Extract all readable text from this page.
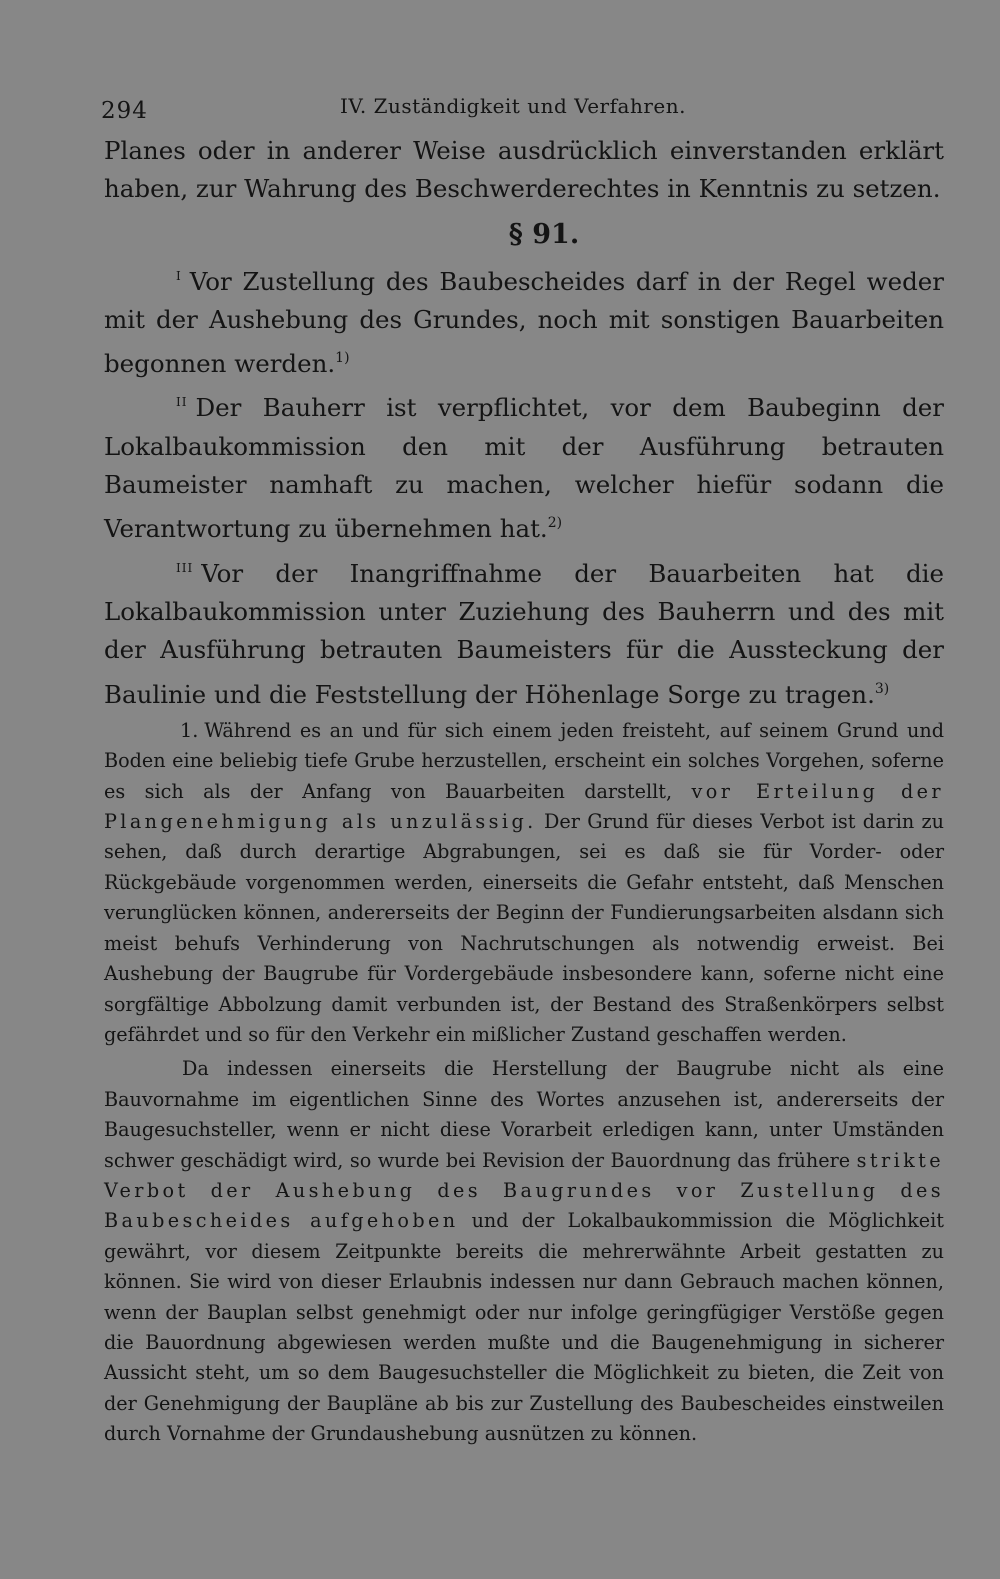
294	IV. Zuständigkeit und Verfahren.

Planes oder in anderer Weise ausdrücklich einverstanden erklärt haben, zur Wahrung des Beschwerderechtes in Kenntnis zu setzen.

§ 91.

$^I$ Vor Zustellung des Baubescheides darf in der Regel weder mit der Aushebung des Grundes, noch mit sonstigen Bauarbeiten begonnen werden.$^{1)}$

$^{II}$ Der Bauherr ist verpflichtet, vor dem Baubeginn der Lokalbaukommission den mit der Ausführung betrauten Baumeister namhaft zu machen, welcher hiefür sodann die Verantwortung zu übernehmen hat.$^{2)}$

$^{III}$ Vor der Inangriffnahme der Bauarbeiten hat die Lokalbaukommission unter Zuziehung des Bauherrn und des mit der Ausführung betrauten Baumeisters für die Aussteckung der Baulinie und die Feststellung der Höhenlage Sorge zu tragen.$^{3)}$

1. Während es an und für sich einem jeden freisteht, auf seinem Grund und Boden eine beliebig tiefe Grube herzustellen, erscheint ein solches Vorgehen, soferne es sich als der Anfang von Bauarbeiten darstellt, vor Erteilung der Plangenehmigung als unzulässig. Der Grund für dieses Verbot ist darin zu sehen, daß durch derartige Abgrabungen, sei es daß sie für Vorder- oder Rückgebäude vorgenommen werden, einerseits die Gefahr entsteht, daß Menschen verunglücken können, andererseits der Beginn der Fundierungsarbeiten alsdann sich meist behufs Verhinderung von Nachrutschungen als notwendig erweist. Bei Aushebung der Baugrube für Vordergebäude insbesondere kann, soferne nicht eine sorgfältige Abbolzung damit verbunden ist, der Bestand des Straßenkörpers selbst gefährdet und so für den Verkehr ein mißlicher Zustand geschaffen werden.

Da indessen einerseits die Herstellung der Baugrube nicht als eine Bauvornahme im eigentlichen Sinne des Wortes anzusehen ist, andererseits der Baugesuchsteller, wenn er nicht diese Vorarbeit erledigen kann, unter Umständen schwer geschädigt wird, so wurde bei Revision der Bauordnung das frühere strikte Verbot der Aushebung des Baugrundes vor Zustellung des Baubescheides aufgehoben und der Lokalbaukommission die Möglichkeit gewährt, vor diesem Zeitpunkte bereits die mehrerwähnte Arbeit gestatten zu können. Sie wird von dieser Erlaubnis indessen nur dann Gebrauch machen können, wenn der Bauplan selbst genehmigt oder nur infolge geringfügiger Verstöße gegen die Bauordnung abgewiesen werden mußte und die Baugenehmigung in sicherer Aussicht steht, um so dem Baugesuchsteller die Möglichkeit zu bieten, die Zeit von der Genehmigung der Baupläne ab bis zur Zustellung des Baubescheides einstweilen durch Vornahme der Grundaushebung ausnützen zu können.
